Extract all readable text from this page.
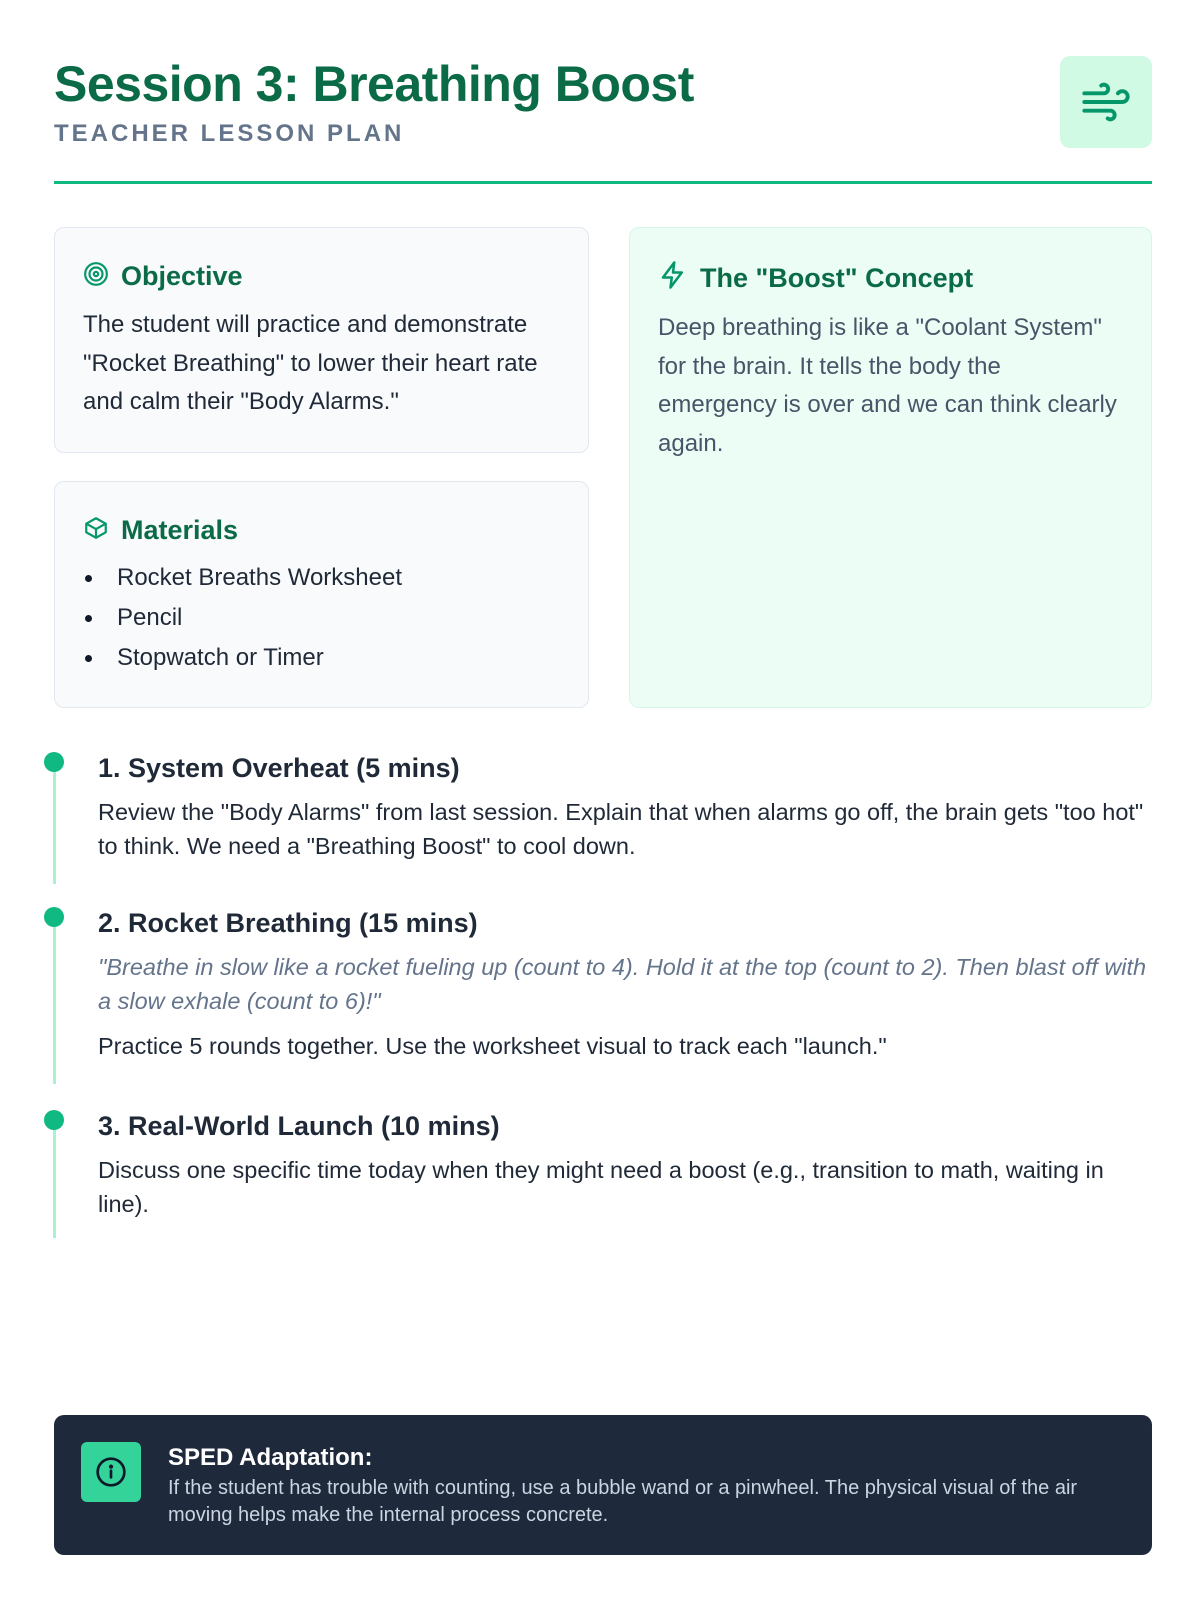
Session 3: Breathing Boost
TEACHER LESSON PLAN
Objective
The student will practice and demonstrate "Rocket Breathing" to lower their heart rate and calm their "Body Alarms."
Materials
Rocket Breaths Worksheet
Pencil
Stopwatch or Timer
The "Boost" Concept
Deep breathing is like a "Coolant System" for the brain. It tells the body the emergency is over and we can think clearly again.
1. System Overheat (5 mins)
Review the "Body Alarms" from last session. Explain that when alarms go off, the brain gets "too hot" to think. We need a "Breathing Boost" to cool down.
2. Rocket Breathing (15 mins)
"Breathe in slow like a rocket fueling up (count to 4). Hold it at the top (count to 2). Then blast off with a slow exhale (count to 6)!"
Practice 5 rounds together. Use the worksheet visual to track each "launch."
3. Real-World Launch (10 mins)
Discuss one specific time today when they might need a boost (e.g., transition to math, waiting in line).
SPED Adaptation:
If the student has trouble with counting, use a bubble wand or a pinwheel. The physical visual of the air moving helps make the internal process concrete.
